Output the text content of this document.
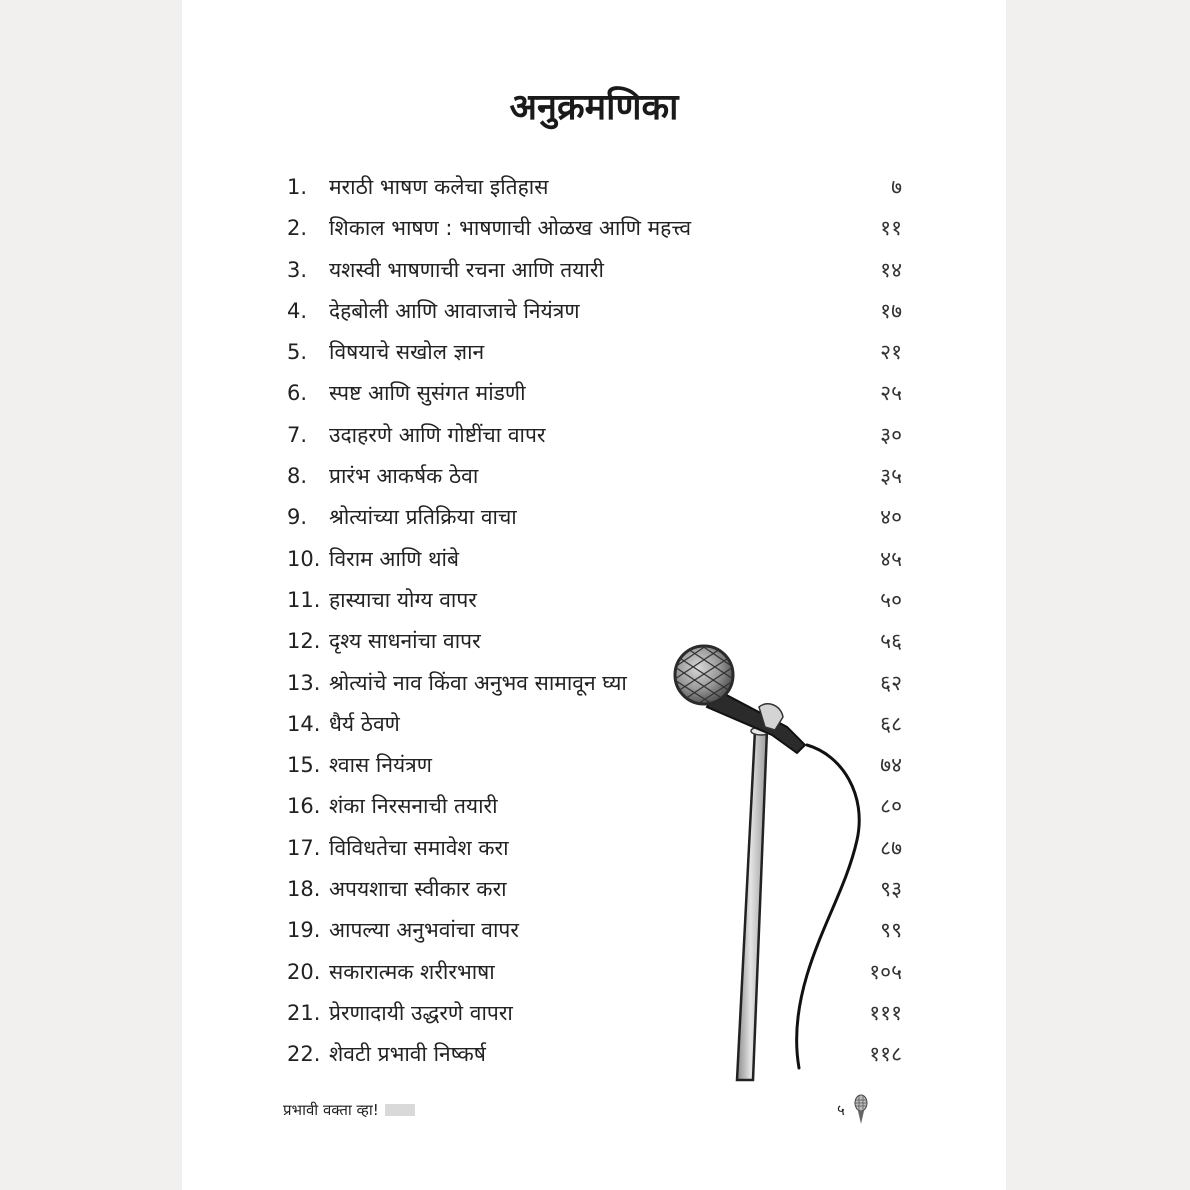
अनुक्रमणिका
1.	मराठी भाषण कलेचा इतिहास	७
2.	शिकाल भाषण : भाषणाची ओळख आणि महत्त्व	११
3.	यशस्वी भाषणाची रचना आणि तयारी	१४
4.	देहबोली आणि आवाजाचे नियंत्रण	१७
5.	विषयाचे सखोल ज्ञान	२१
6.	स्पष्ट आणि सुसंगत मांडणी	२५
7.	उदाहरणे आणि गोष्टींचा वापर	३०
8.	प्रारंभ आकर्षक ठेवा	३५
9.	श्रोत्यांच्या प्रतिक्रिया वाचा	४०
10. विराम आणि थांबे	४५
11. हास्याचा योग्य वापर	५०
12. दृश्य साधनांचा वापर	५६
13. श्रोत्यांचे नाव किंवा अनुभव सामावून घ्या	६२
14. धैर्य ठेवणे	६८
15. श्वास नियंत्रण	७४
16. शंका निरसनाची तयारी	८०
17. विविधतेचा समावेश करा	८७
18. अपयशाचा स्वीकार करा	९३
19. आपल्या अनुभवांचा वापर	९९
20. सकारात्मक शरीरभाषा	१०५
21. प्रेरणादायी उद्धरणे वापरा	१११
22. शेवटी प्रभावी निष्कर्ष	११८
प्रभावी वक्ता व्हा!	५
